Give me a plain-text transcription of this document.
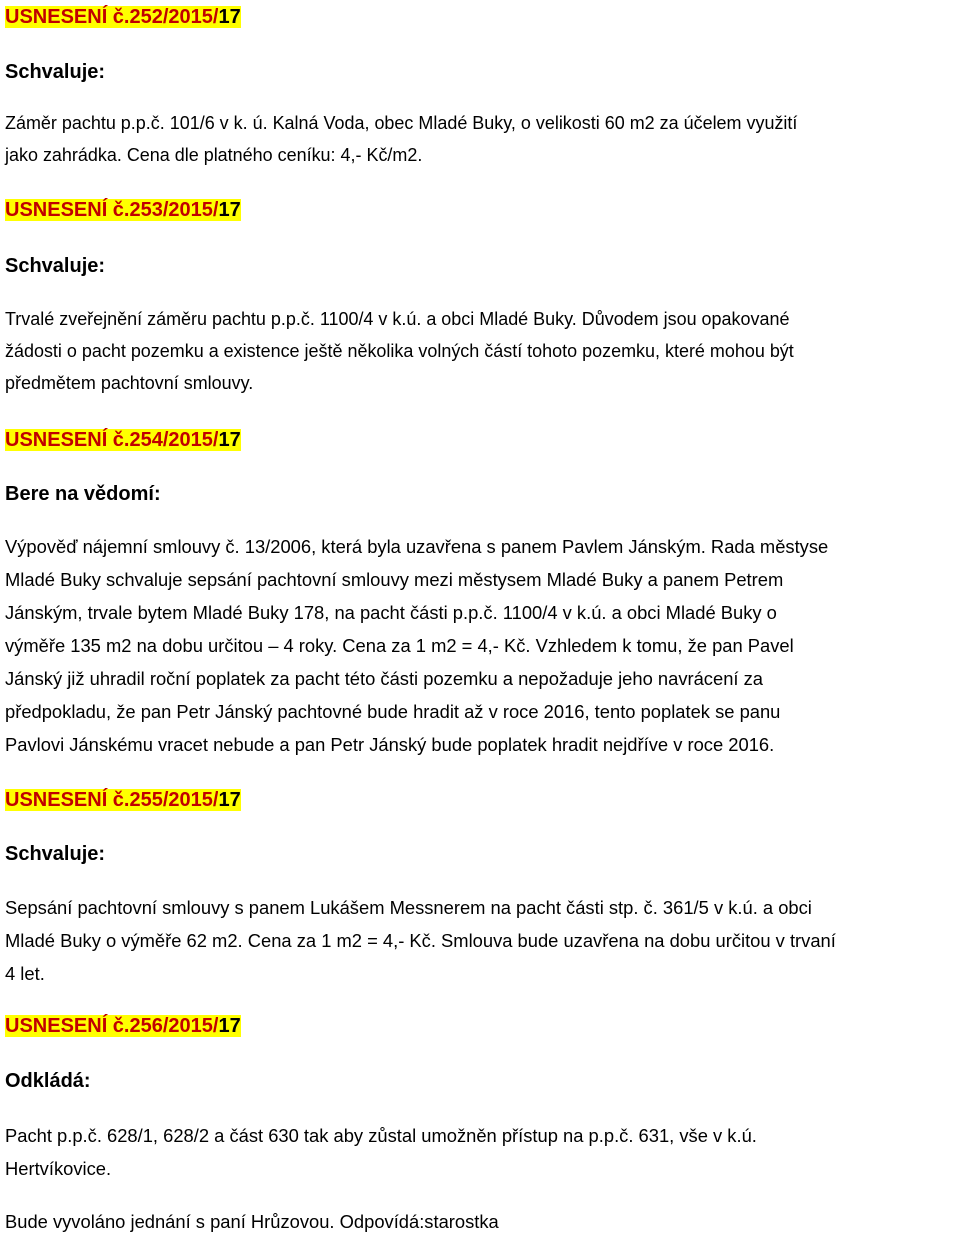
USNESENÍ č.252/2015/17
Schvaluje:
Záměr pachtu p.p.č. 101/6 v k. ú. Kalná Voda, obec Mladé Buky, o velikosti 60 m2 za účelem využití
jako zahrádka. Cena dle platného ceníku: 4,- Kč/m2.
USNESENÍ č.253/2015/17
Schvaluje:
Trvalé zveřejnění záměru pachtu p.p.č. 1100/4 v k.ú. a obci Mladé Buky. Důvodem jsou opakované
žádosti o pacht pozemku a existence ještě několika volných částí tohoto pozemku, které mohou být
předmětem pachtovní smlouvy.
USNESENÍ č.254/2015/17
Bere na vědomí:
Výpověď nájemní smlouvy č. 13/2006, která byla uzavřena s panem Pavlem Jánským. Rada městyse
Mladé Buky schvaluje sepsání pachtovní smlouvy mezi městysem Mladé Buky a panem Petrem
Jánským, trvale bytem Mladé Buky 178, na pacht části p.p.č. 1100/4 v k.ú. a obci Mladé Buky o
výměře 135 m2 na dobu určitou – 4 roky. Cena za 1 m2 = 4,- Kč. Vzhledem k tomu, že pan Pavel
Jánský již uhradil roční poplatek za pacht této části pozemku a nepožaduje jeho navrácení za
předpokladu, že pan Petr Jánský pachtovné bude hradit až v roce 2016, tento poplatek se panu
Pavlovi Jánskému vracet nebude a pan Petr Jánský bude poplatek hradit nejdříve v roce 2016.
USNESENÍ č.255/2015/17
Schvaluje:
Sepsání pachtovní smlouvy s panem Lukášem Messnerem na pacht části stp. č. 361/5 v k.ú. a obci
Mladé Buky o výměře 62 m2. Cena za 1 m2 = 4,- Kč. Smlouva bude uzavřena na dobu určitou v trvaní
4 let.
USNESENÍ č.256/2015/17
Odkládá:
Pacht p.p.č. 628/1, 628/2 a část 630 tak aby zůstal umožněn přístup na p.p.č. 631, vše v k.ú.
Hertvíkovice.
Bude vyvoláno jednání s paní Hrůzovou. Odpovídá:starostka
